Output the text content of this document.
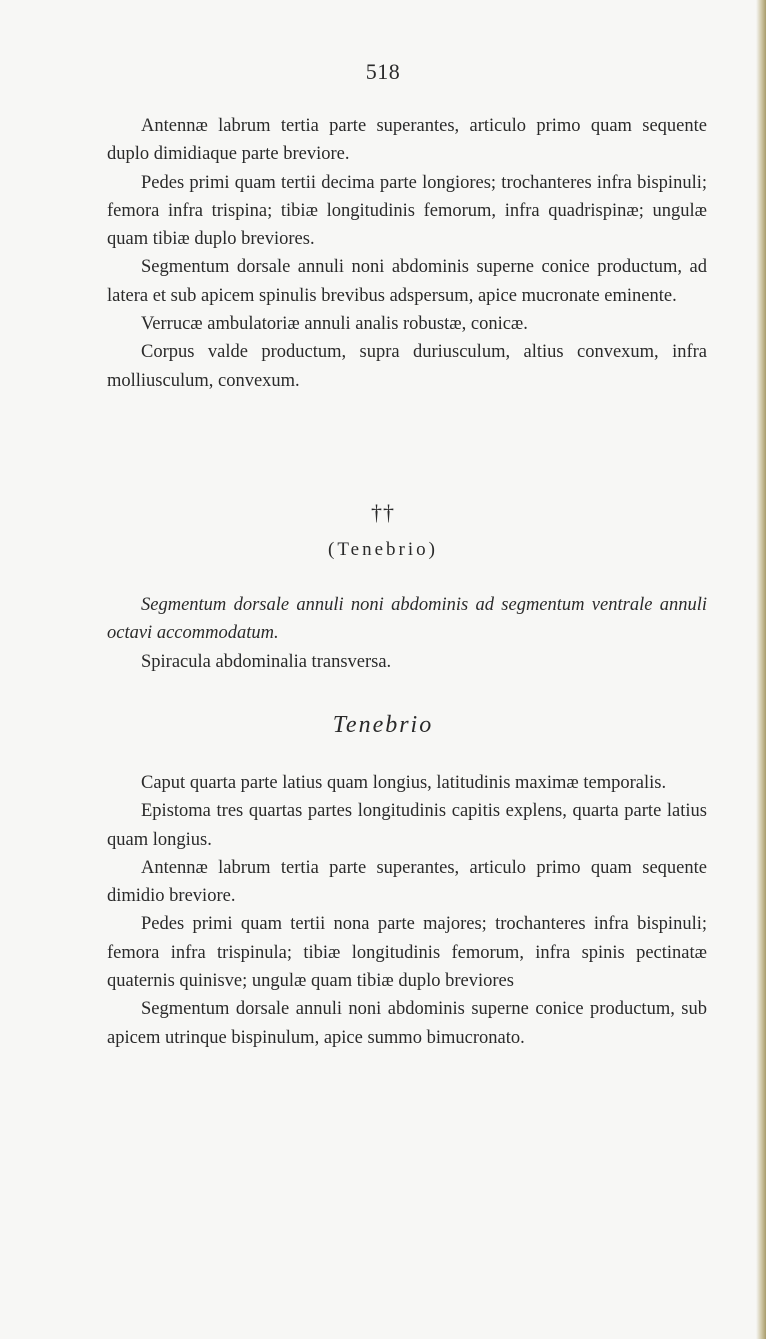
518

Antennæ labrum tertia parte superantes, articulo primo quam sequente duplo dimidiaque parte breviore.

Pedes primi quam tertii decima parte longiores; trochanteres infra bispinuli; femora infra trispina; tibiæ longitudinis femorum, infra quadrispinæ; ungulæ quam tibiæ duplo breviores.

Segmentum dorsale annuli noni abdominis superne conice productum, ad latera et sub apicem spinulis brevibus adspersum, apice mucronate eminente.

Verrucæ ambulatoriæ annuli analis robustæ, conicæ.

Corpus valde productum, supra duriusculum, altius convexum, infra molliusculum, convexum.

††
(Tenebrio)

Segmentum dorsale annuli noni abdominis ad segmentum ventrale annuli octavi accommodatum.

Spiracula abdominalia transversa.

Tenebrio

Caput quarta parte latius quam longius, latitudinis maximæ temporalis.

Epistoma tres quartas partes longitudinis capitis explens, quarta parte latius quam longius.

Antennæ labrum tertia parte superantes, articulo primo quam sequente dimidio breviore.

Pedes primi quam tertii nona parte majores; trochanteres infra bispinuli; femora infra trispinula; tibiæ longitudinis femorum, infra spinis pectinatæ quaternis quinisve; ungulæ quam tibiæ duplo breviores

Segmentum dorsale annuli noni abdominis superne conice productum, sub apicem utrinque bispinulum, apice summo bimucronato.
